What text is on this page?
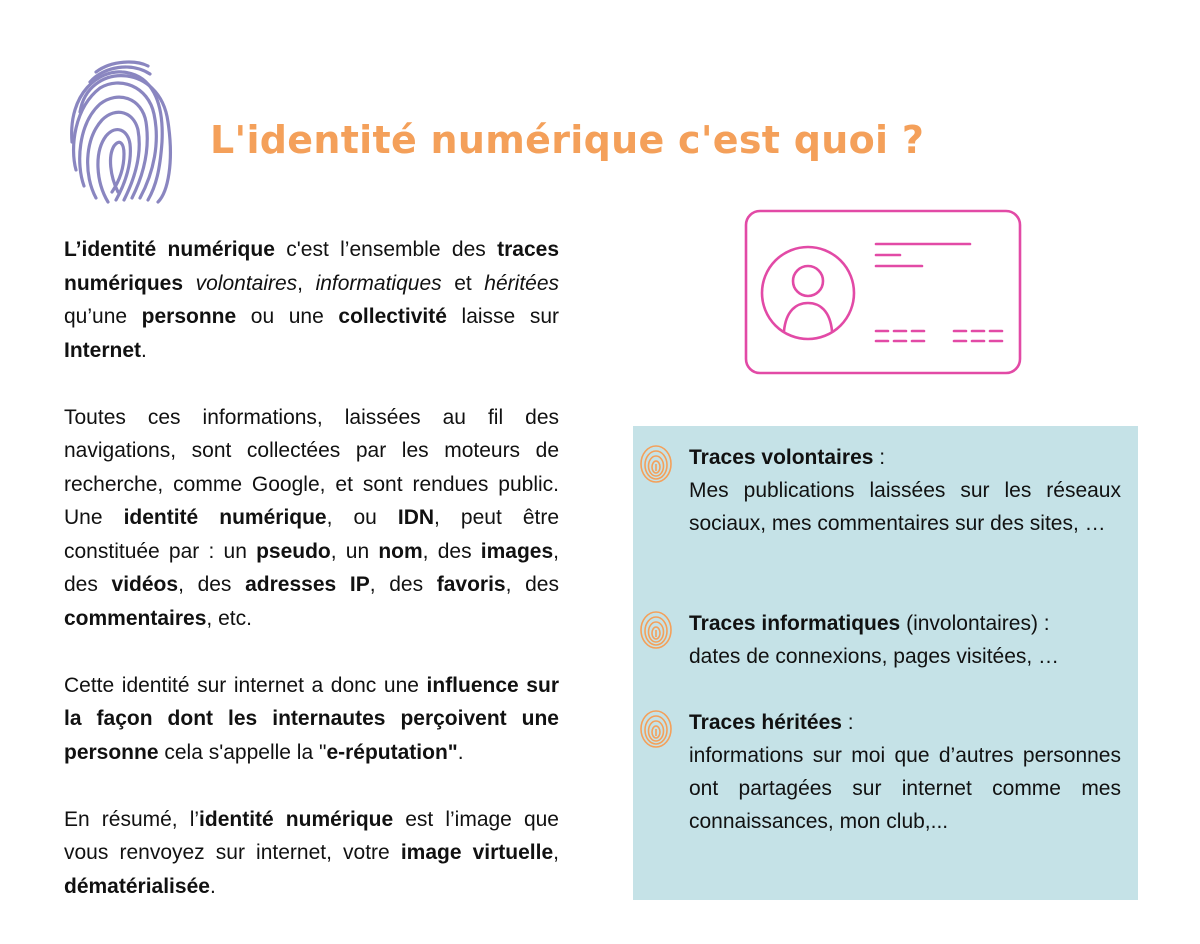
L'identité numérique c'est quoi ?

L’identité numérique c'est l’ensemble des traces numériques volontaires, informatiques et héritées qu’une personne ou une collectivité laisse sur Internet.

Toutes ces informations, laissées au fil des navigations, sont collectées par les moteurs de recherche, comme Google, et sont rendues public. Une identité numérique, ou IDN, peut être constituée par : un pseudo, un nom, des images, des vidéos, des adresses IP, des favoris, des commentaires, etc.

Cette identité sur internet a donc une influence sur la façon dont les internautes perçoivent une personne cela s'appelle la "e-réputation".

En résumé, l’identité numérique est l’image que vous renvoyez sur internet, votre image virtuelle, dématérialisée.

Traces volontaires :

Mes publications laissées sur les réseaux sociaux, mes commentaires sur des sites, …

Traces informatiques (involontaires) :

dates de connexions, pages visitées, …

Traces héritées :

informations sur moi que d’autres personnes ont partagées sur internet comme mes connaissances, mon club,...
